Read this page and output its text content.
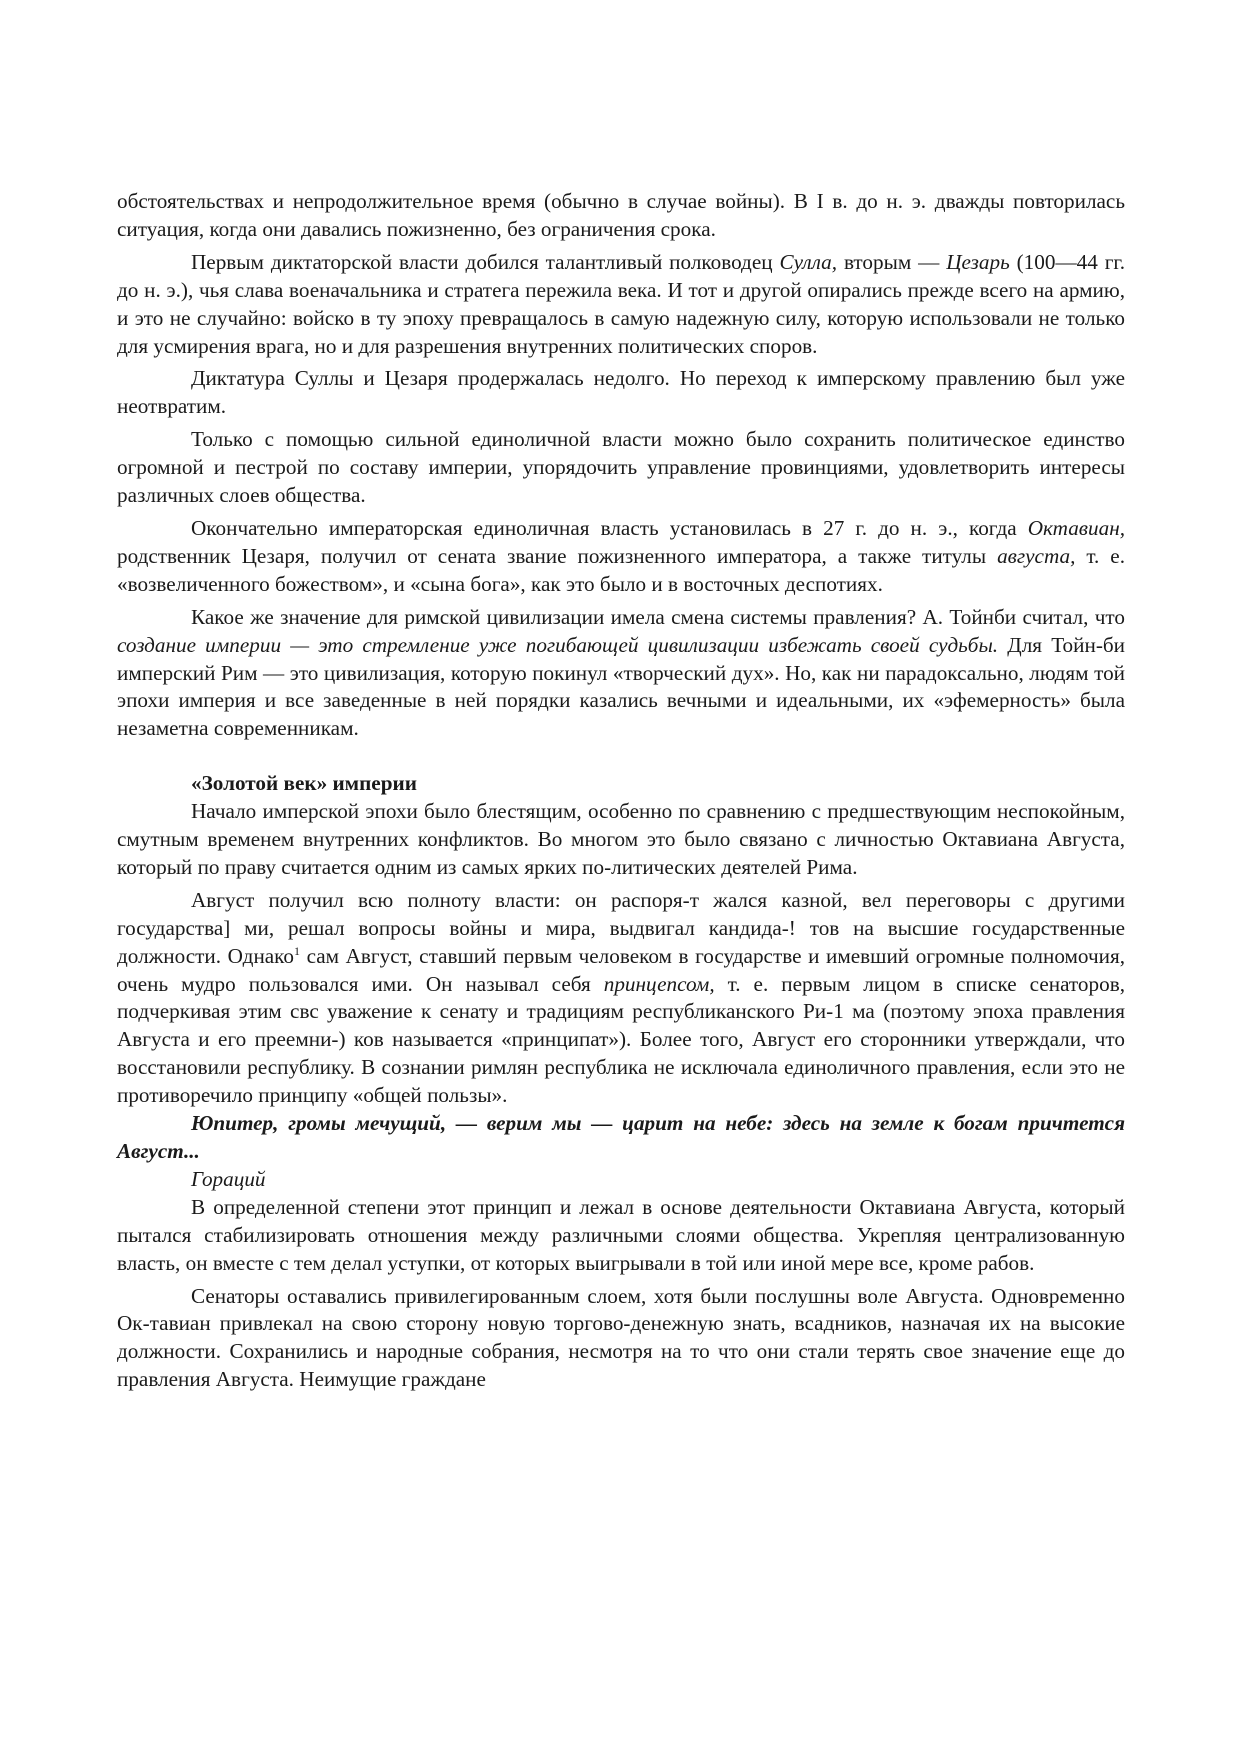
обстоятельствах и непродолжительное время (обычно в случае войны). В I в. до н. э. дважды повторилась ситуация, когда они давались пожизненно, без ограничения срока.

Первым диктаторской власти добился талантливый полководец Сулла, вторым — Цезарь (100—44 гг. до н. э.), чья слава военачальника и стратега пережила века. И тот и другой опирались прежде всего на армию, и это не случайно: войско в ту эпоху превращалось в самую надежную силу, которую использовали не только для усмирения врага, но и для разрешения внутренних политических споров.

Диктатура Суллы и Цезаря продержалась недолго. Но переход к имперскому правлению был уже неотвратим.

Только с помощью сильной единоличной власти можно было сохранить политическое единство огромной и пестрой по составу империи, упорядочить управление провинциями, удовлетворить интересы различных слоев общества.

Окончательно императорская единоличная власть установилась в 27 г. до н. э., когда Октавиан, родственник Цезаря, получил от сената звание пожизненного императора, а также титулы августа, т. е. «возвеличенного божеством», и «сына бога», как это было и в восточных деспотиях.

Какое же значение для римской цивилизации имела смена системы правления? А. Тойнби считал, что создание империи — это стремление уже погибающей цивилизации избежать своей судьбы. Для Тойн-би имперский Рим — это цивилизация, которую покинул «творческий дух». Но, как ни парадоксально, людям той эпохи империя и все заведенные в ней порядки казались вечными и идеальными, их «эфемерность» была незаметна современникам.

«Золотой век» империи

Начало имперской эпохи было блестящим, особенно по сравнению с предшествующим неспокойным, смутным временем внутренних конфликтов. Во многом это было связано с личностью Октавиана Августа, который по праву считается одним из самых ярких по-литических деятелей Рима.

Август получил всю полноту власти: он распоря-т жался казной, вел переговоры с другими государства] ми, решал вопросы войны и мира, выдвигал кандида-! тов на высшие государственные должности. Однако$^1$ сам Август, ставший первым человеком в государстве и имевший огромные полномочия, очень мудро пользовался ими. Он называл себя принцепсом, т. е. первым лицом в списке сенаторов, подчеркивая этим свс уважение к сенату и традициям республиканского Ри-1 ма (поэтому эпоха правления Августа и его преемни-) ков называется «принципат»). Более того, Август его сторонники утверждали, что восстановили республику. В сознании римлян республика не исключала единоличного правления, если это не противоречило принципу «общей пользы».

Юпитер, громы мечущий, — верим мы — царит на небе: здесь на земле к богам причтется Август...

Гораций

В определенной степени этот принцип и лежал в основе деятельности Октавиана Августа, который пытался стабилизировать отношения между различными слоями общества. Укрепляя централизованную власть, он вместе с тем делал уступки, от которых выигрывали в той или иной мере все, кроме рабов.

Сенаторы оставались привилегированным слоем, хотя были послушны воле Августа. Одновременно Ок-тавиан привлекал на свою сторону новую торгово-денежную знать, всадников, назначая их на высокие должности. Сохранились и народные собрания, несмотря на то что они стали терять свое значение еще до правления Августа. Неимущие граждане
